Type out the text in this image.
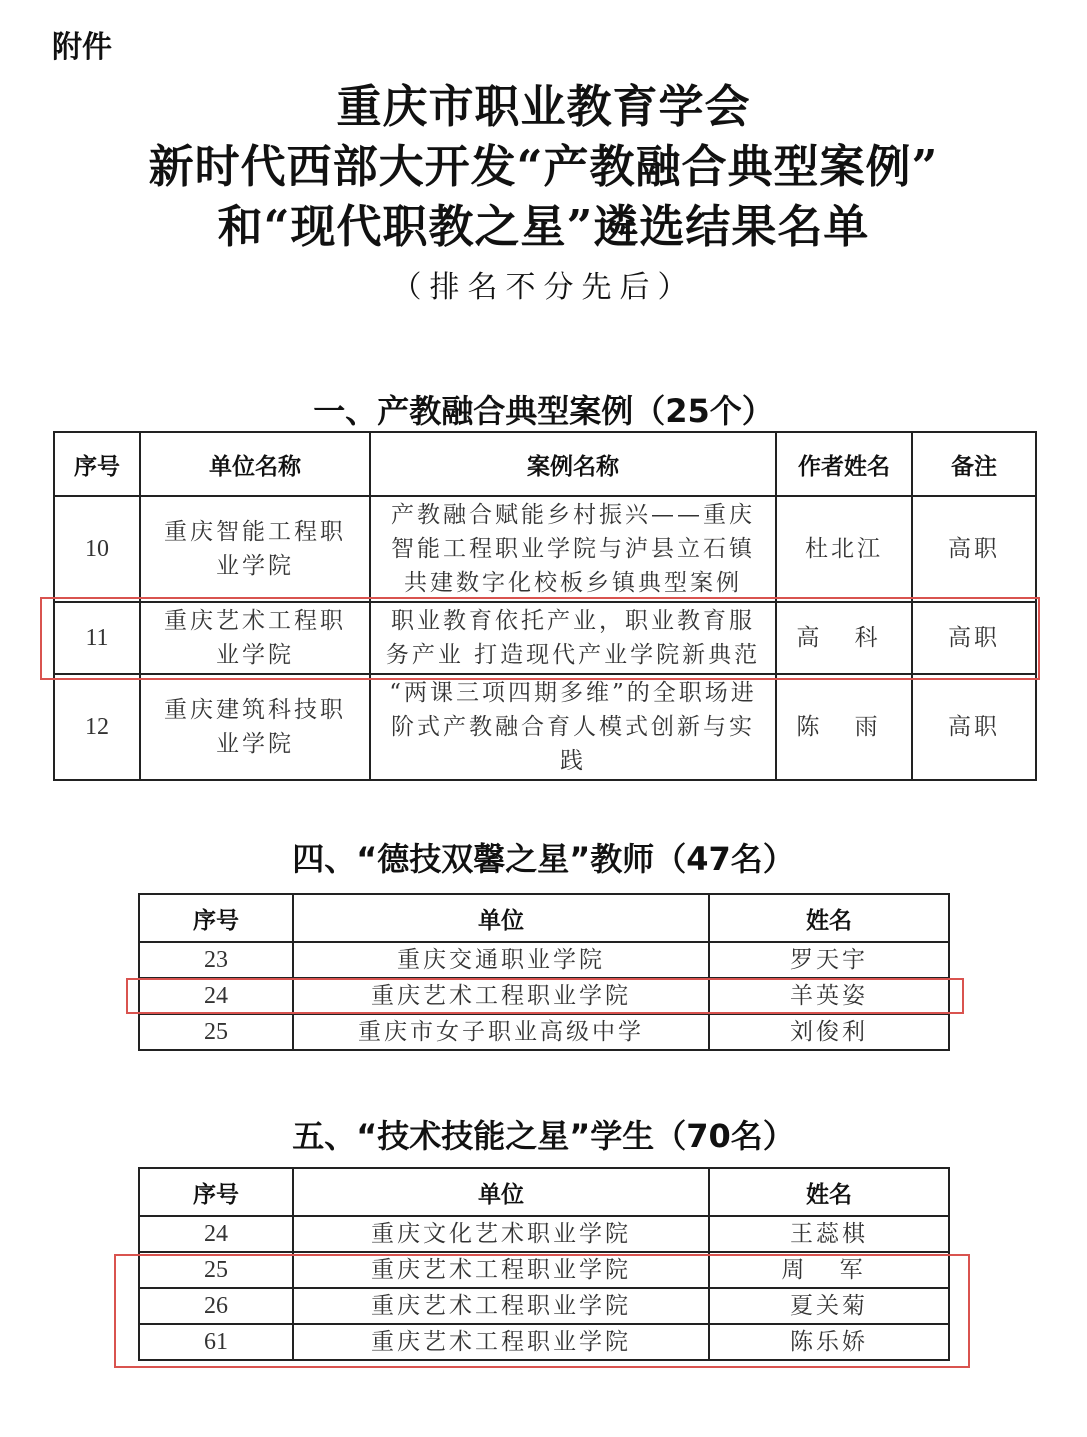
附件
重庆市职业教育学会
新时代西部大开发“产教融合典型案例”
和“现代职教之星”遴选结果名单
（排名不分先后）
一、产教融合典型案例（25个）
序号	单位名称	案例名称	作者姓名	备注
10	重庆智能工程职业学院	产教融合赋能乡村振兴——重庆智能工程职业学院与泸县立石镇共建数字化校板乡镇典型案例	杜北江	高职
11	重庆艺术工程职业学院	职业教育依托产业，职业教育服务产业 打造现代产业学院新典范	高 科	高职
12	重庆建筑科技职业学院	“两课三项四期多维”的全职场进阶式产教融合育人模式创新与实践	陈 雨	高职
四、“德技双馨之星”教师（47名）
序号	单位	姓名
23	重庆交通职业学院	罗天宇
24	重庆艺术工程职业学院	羊英姿
25	重庆市女子职业高级中学	刘俊利
五、“技术技能之星”学生（70名）
序号	单位	姓名
24	重庆文化艺术职业学院	王蕊棋
25	重庆艺术工程职业学院	周 军
26	重庆艺术工程职业学院	夏关菊
61	重庆艺术工程职业学院	陈乐娇
